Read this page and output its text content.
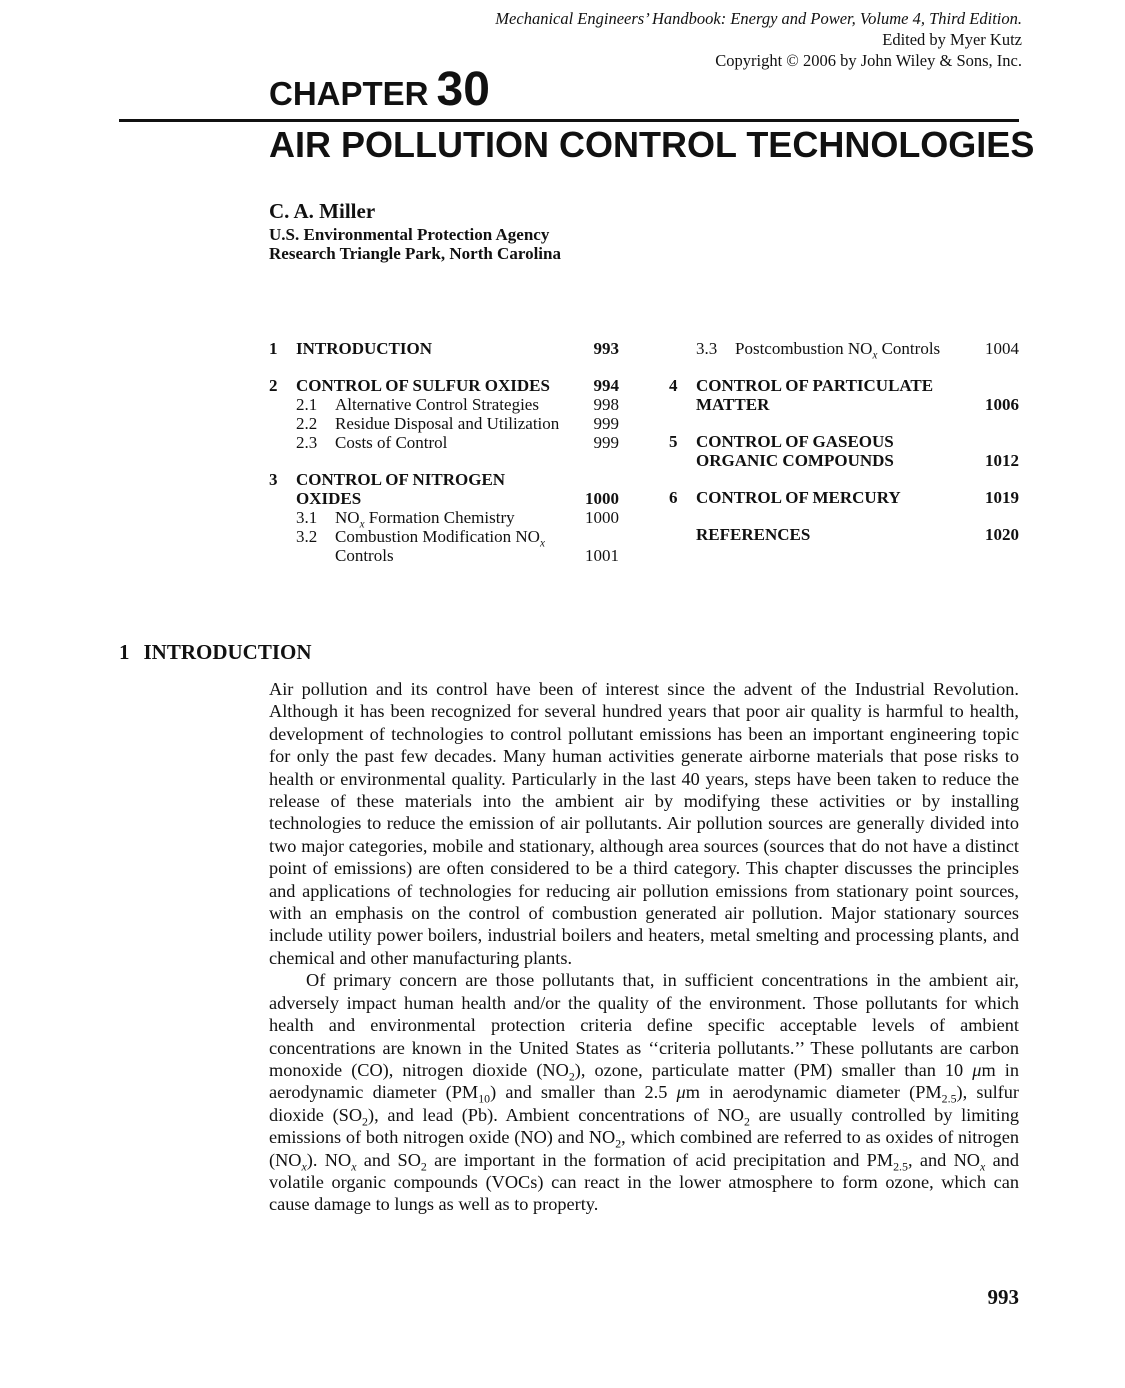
Mechanical Engineers’ Handbook: Energy and Power, Volume 4, Third Edition.
Edited by Myer Kutz
Copyright © 2006 by John Wiley & Sons, Inc.
CHAPTER 30
AIR POLLUTION CONTROL TECHNOLOGIES
C. A. Miller
U.S. Environmental Protection Agency
Research Triangle Park, North Carolina
1 INTRODUCTION	993
2 CONTROL OF SULFUR OXIDES	994
2.1 Alternative Control Strategies	998
2.2 Residue Disposal and Utilization 999
2.3 Costs of Control	999
3 CONTROL OF NITROGEN
OXIDES	1000
3.1 $NO_x$ Formation Chemistry	1000
3.2 Combustion Modification $NO_x$
Controls	1001
3.3 Postcombustion $NO_x$ Controls	1004
4 CONTROL OF PARTICULATE
MATTER	1006
5 CONTROL OF GASEOUS
ORGANIC COMPOUNDS	1012
6 CONTROL OF MERCURY	1019
REFERENCES	1020
1 INTRODUCTION

Air pollution and its control have been of interest since the advent of the Industrial Revolution. Although it has been recognized for several hundred years that poor air quality is harmful to health, development of technologies to control pollutant emissions has been an important engineering topic for only the past few decades. Many human activities generate airborne materials that pose risks to health or environmental quality. Particularly in the last 40 years, steps have been taken to reduce the release of these materials into the ambient air by modifying these activities or by installing technologies to reduce the emission of air pollutants. Air pollution sources are generally divided into two major categories, mobile and stationary, although area sources (sources that do not have a distinct point of emissions) are often considered to be a third category. This chapter discusses the principles and applications of technologies for reducing air pollution emissions from stationary point sources, with an emphasis on the control of combustion generated air pollution. Major stationary sources include utility power boilers, industrial boilers and heaters, metal smelting and processing plants, and chemical and other manufacturing plants.

Of primary concern are those pollutants that, in sufficient concentrations in the ambient air, adversely impact human health and/or the quality of the environment. Those pollutants for which health and environmental protection criteria define specific acceptable levels of ambient concentrations are known in the United States as ‘‘criteria pollutants.’’ These pollutants are carbon monoxide (CO), nitrogen dioxide $(NO_2)$, ozone, particulate matter (PM) smaller than 10 μm in aerodynamic diameter $(PM_{10})$ and smaller than 2.5 μm in aerodynamic diameter $(PM_{2.5})$, sulfur dioxide $(SO_2)$, and lead (Pb). Ambient concentrations of $NO_2$ are usually controlled by limiting emissions of both nitrogen oxide (NO) and $NO_2$, which combined are referred to as oxides of nitrogen $(NO_x)$. $NO_x$ and $SO_2$ are important in the formation of acid precipitation and $PM_{2.5}$, and $NO_x$ and volatile organic compounds (VOCs) can react in the lower atmosphere to form ozone, which can cause damage to lungs as well as to property.

993
